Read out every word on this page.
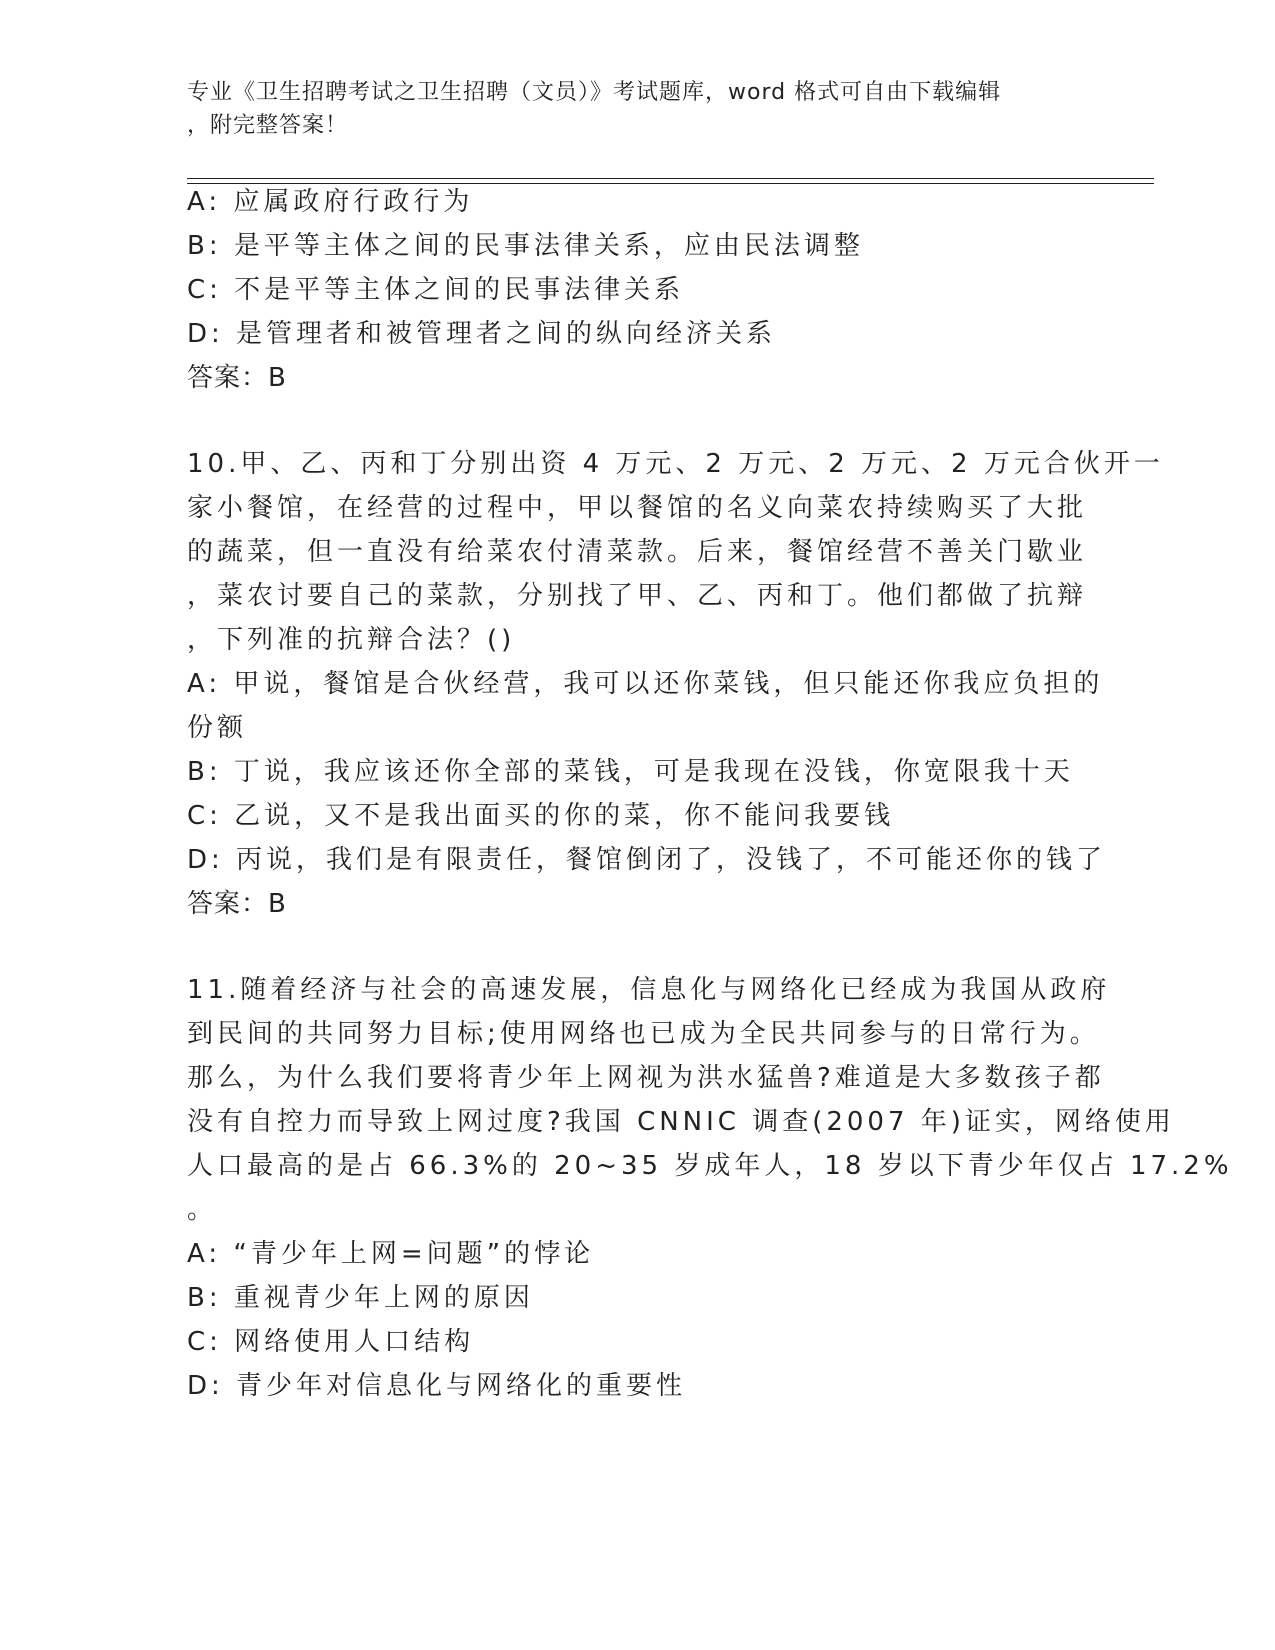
专业《卫生招聘考试之卫生招聘（文员）》考试题库，word 格式可自由下载编辑
，附完整答案！
A: 应属政府行政行为
B: 是平等主体之间的民事法律关系，应由民法调整
C: 不是平等主体之间的民事法律关系
D: 是管理者和被管理者之间的纵向经济关系
答案：B
10.甲、乙、丙和丁分别出资 4 万元、2 万元、2 万元、2 万元合伙开一
家小餐馆，在经营的过程中，甲以餐馆的名义向菜农持续购买了大批
的蔬菜，但一直没有给菜农付清菜款。后来，餐馆经营不善关门歇业
，菜农讨要自己的菜款，分别找了甲、乙、丙和丁。他们都做了抗辩
，下列准的抗辩合法？()
A: 甲说，餐馆是合伙经营，我可以还你菜钱，但只能还你我应负担的
份额
B: 丁说，我应该还你全部的菜钱，可是我现在没钱，你宽限我十天
C: 乙说，又不是我出面买的你的菜，你不能问我要钱
D: 丙说，我们是有限责任，餐馆倒闭了，没钱了，不可能还你的钱了
答案：B
11.随着经济与社会的高速发展，信息化与网络化已经成为我国从政府
到民间的共同努力目标;使用网络也已成为全民共同参与的日常行为。
那么，为什么我们要将青少年上网视为洪水猛兽?难道是大多数孩子都
没有自控力而导致上网过度?我国 CNNIC 调查(2007 年)证实，网络使用
人口最高的是占 66.3%的 20~35 岁成年人，18 岁以下青少年仅占 17.2%
。
A: “青少年上网=问题”的悖论
B: 重视青少年上网的原因
C: 网络使用人口结构
D: 青少年对信息化与网络化的重要性
